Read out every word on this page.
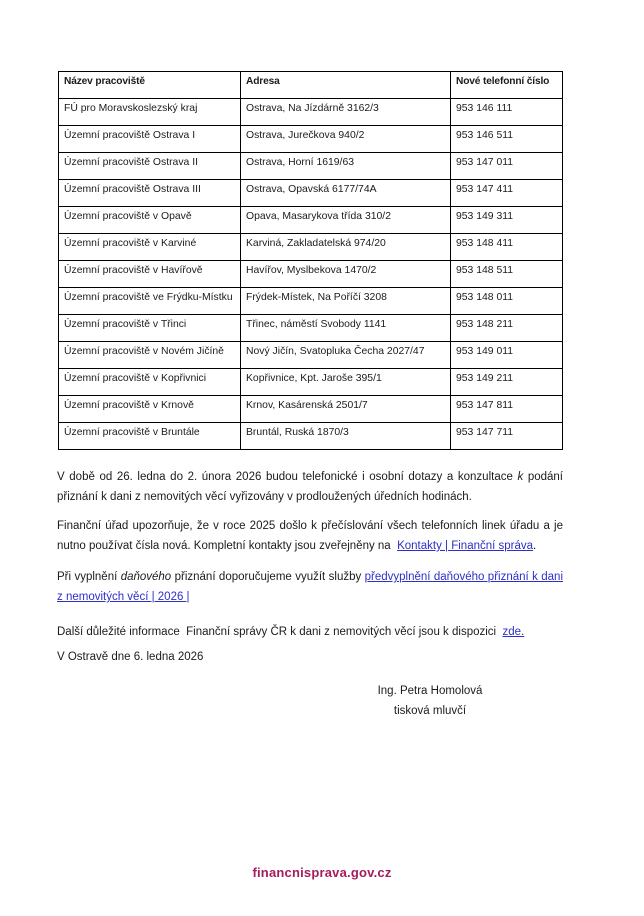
Název pracoviště	Adresa	Nové telefonní číslo
FÚ pro Moravskoslezský kraj	Ostrava, Na Jízdárně 3162/3	953 146 111
Územní pracoviště Ostrava I	Ostrava, Jurečkova 940/2	953 146 511
Územní pracoviště Ostrava II	Ostrava, Horní 1619/63	953 147 011
Územní pracoviště Ostrava III	Ostrava, Opavská 6177/74A	953 147 411
Územní pracoviště v Opavě	Opava, Masarykova třída 310/2	953 149 311
Územní pracoviště v Karviné	Karviná, Zakladatelská 974/20	953 148 411
Územní pracoviště v Havířově	Havířov, Myslbekova 1470/2	953 148 511
Územní pracoviště ve Frýdku-Místku	Frýdek-Místek, Na Poříčí 3208	953 148 011
Územní pracoviště v Třinci	Třinec, náměstí Svobody 1141	953 148 211
Územní pracoviště v Novém Jičíně	Nový Jičín, Svatopluka Čecha 2027/47	953 149 011
Územní pracoviště v Kopřivnici	Kopřivnice, Kpt. Jaroše 395/1	953 149 211
Územní pracoviště v Krnově	Krnov, Kasárenská 2501/7	953 147 811
Územní pracoviště v Bruntále	Bruntál, Ruská 1870/3	953 147 711
V době od 26. ledna do 2. února 2026 budou telefonické i osobní dotazy a konzultace k podání přiznání k dani z nemovitých věcí vyřizovány v prodloužených úředních hodinách.
Finanční úřad upozorňuje, že v roce 2025 došlo k přečíslování všech telefonních linek úřadu a je nutno používat čísla nová. Kompletní kontakty jsou zveřejněny na  Kontakty | Finanční správa.
Při vyplnění daňového přiznání doporučujeme využít služby předvyplnění daňového přiznání k dani z nemovitých věcí | 2026 |
Další důležité informace  Finanční správy ČR k dani z nemovitých věcí jsou k dispozici  zde.
V Ostravě dne 6. ledna 2026
Ing. Petra Homolová
tisková mluvčí
financnisprava.gov.cz
